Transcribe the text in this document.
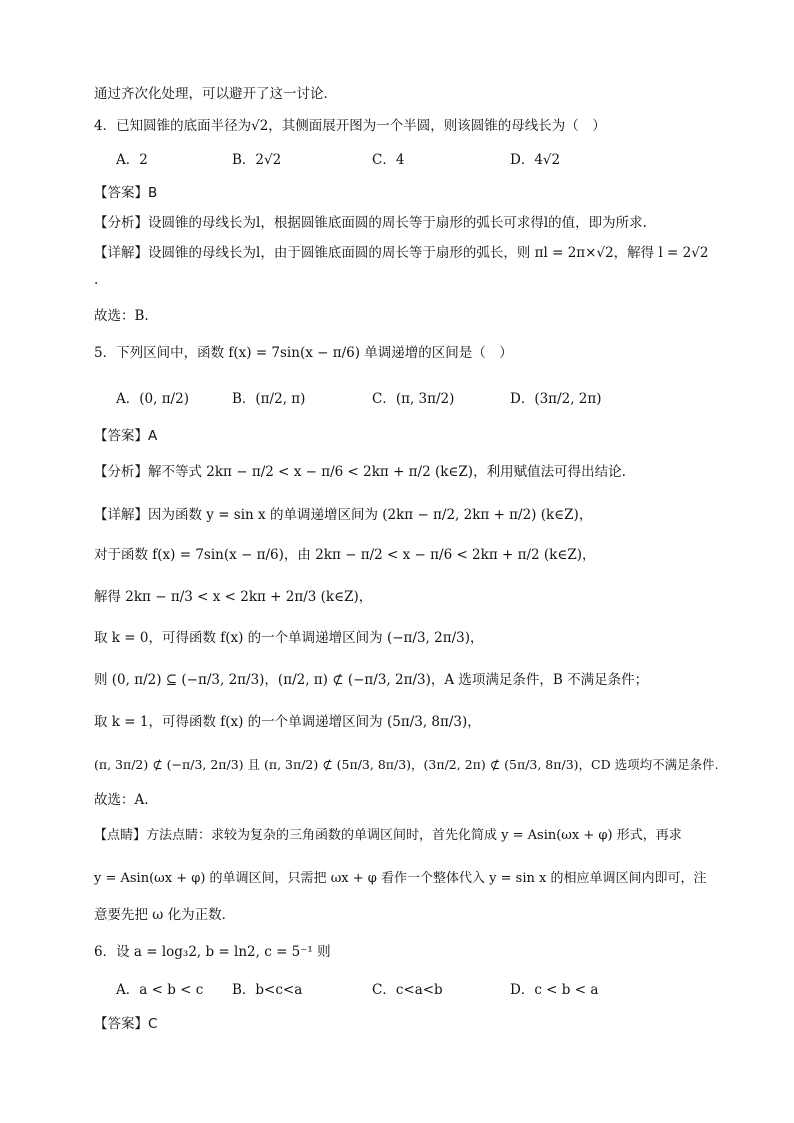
通过齐次化处理，可以避开了这一讨论．
4．已知圆锥的底面半径为√2，其侧面展开图为一个半圆，则该圆锥的母线长为（　）
A．2	B．2√2	C．4	D．4√2
【答案】B
【分析】设圆锥的母线长为l，根据圆锥底面圆的周长等于扇形的弧长可求得l的值，即为所求.
【详解】设圆锥的母线长为l，由于圆锥底面圆的周长等于扇形的弧长，则 πl = 2π×√2，解得 l = 2√2
.
故选：B.
5．下列区间中，函数 f(x) = 7sin(x − π/6) 单调递增的区间是（　）
A．(0, π/2)	B．(π/2, π)	C．(π, 3π/2)	D．(3π/2, 2π)
【答案】A
【分析】解不等式 2kπ − π/2 < x − π/6 < 2kπ + π/2 (k∈Z)，利用赋值法可得出结论.
【详解】因为函数 y = sin x 的单调递增区间为 (2kπ − π/2, 2kπ + π/2) (k∈Z)，
对于函数 f(x) = 7sin(x − π/6)，由 2kπ − π/2 < x − π/6 < 2kπ + π/2 (k∈Z)，
解得 2kπ − π/3 < x < 2kπ + 2π/3 (k∈Z)，
取 k = 0，可得函数 f(x) 的一个单调递增区间为 (−π/3, 2π/3)，
则 (0, π/2) ⊆ (−π/3, 2π/3)，(π/2, π) ⊄ (−π/3, 2π/3)，A 选项满足条件，B 不满足条件；
取 k = 1，可得函数 f(x) 的一个单调递增区间为 (5π/3, 8π/3)，
(π, 3π/2) ⊄ (−π/3, 2π/3) 且 (π, 3π/2) ⊄ (5π/3, 8π/3)，(3π/2, 2π) ⊄ (5π/3, 8π/3)，CD 选项均不满足条件.
故选：A.
【点睛】方法点睛：求较为复杂的三角函数的单调区间时，首先化简成 y = Asin(ωx + φ) 形式，再求
y = Asin(ωx + φ) 的单调区间，只需把 ωx + φ 看作一个整体代入 y = sin x 的相应单调区间内即可，注
意要先把 ω 化为正数．
6．设 a = log₃2, b = ln2, c = 5⁻¹ 则
A．a < b < c B．b<c<a	C．c<a<b	D．c < b < a
【答案】C
